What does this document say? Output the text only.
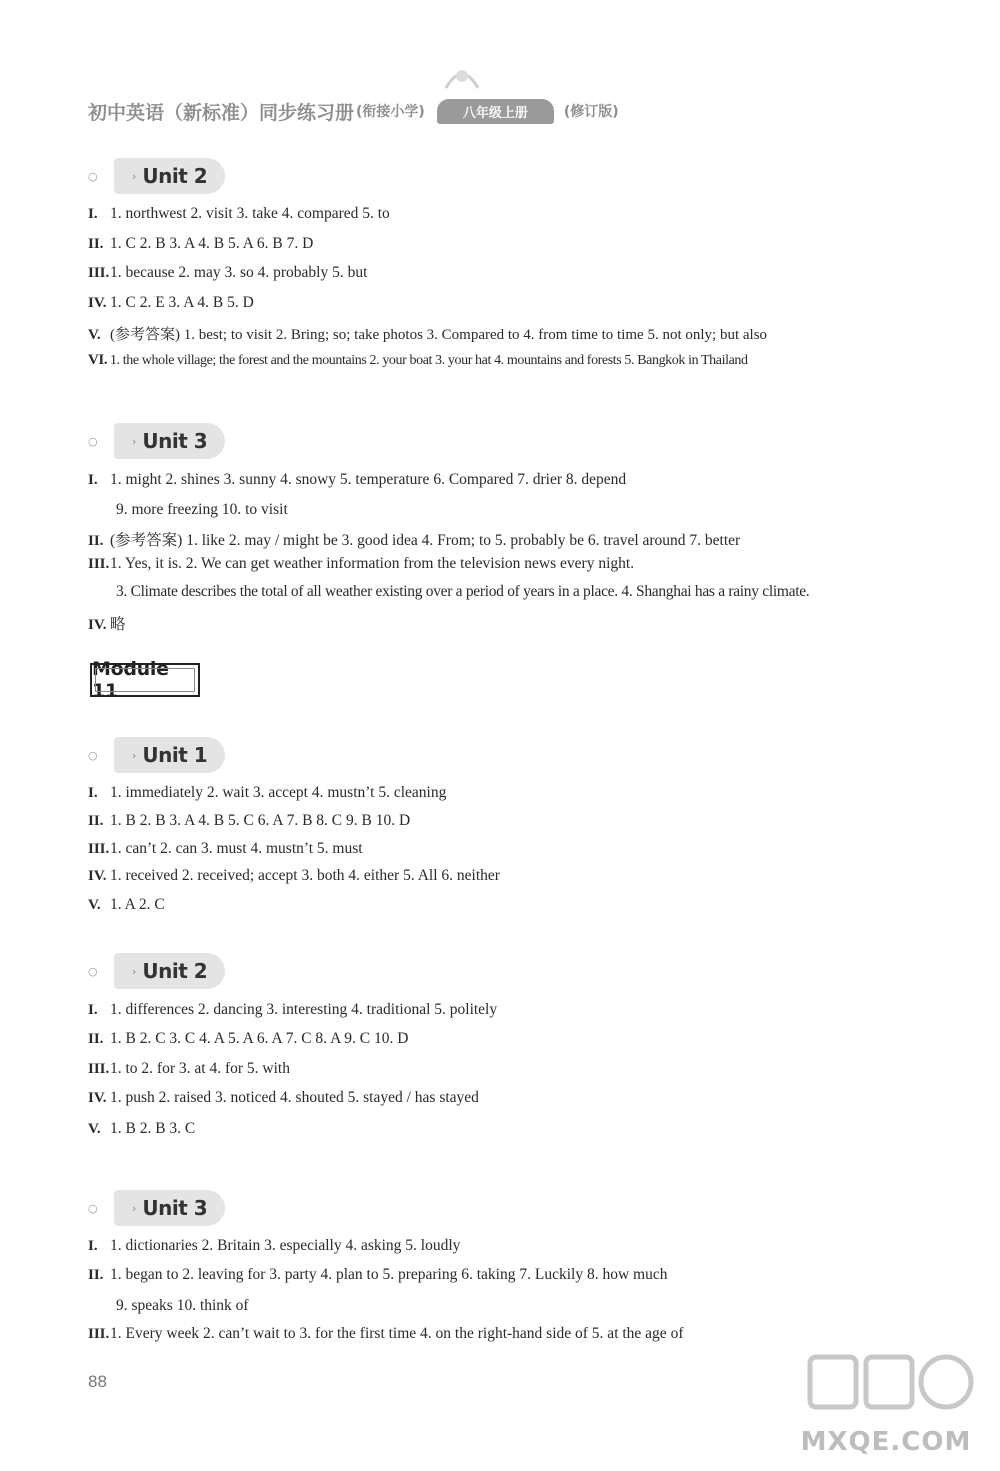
初中英语（新标准）同步练习册 (衔接小学)	八年级上册	(修订版)
○	› Unit 2
I. 1. northwest 2. visit 3. take 4. compared 5. to
II. 1. C 2. B 3. A 4. B 5. A 6. B 7. D
III.1. because 2. may 3. so 4. probably 5. but
IV. 1. C 2. E 3. A 4. B 5. D
V. (参考答案) 1. best; to visit 2. Bring; so; take photos 3. Compared to 4. from time to time 5. not only; but also
VI. 1. the whole village; the forest and the mountains 2. your boat 3. your hat 4. mountains and forests 5. Bangkok in Thailand
○	› Unit 3
I. 1. might 2. shines 3. sunny 4. snowy 5. temperature 6. Compared 7. drier 8. depend
9. more freezing 10. to visit
II. (参考答案) 1. like 2. may / might be 3. good idea 4. From; to 5. probably be 6. travel around 7. better
III.1. Yes, it is. 2. We can get weather information from the television news every night.
3. Climate describes the total of all weather existing over a period of years in a place. 4. Shanghai has a rainy climate.
IV. 略
Module 11
○	› Unit 1
I. 1. immediately 2. wait 3. accept 4. mustn’t 5. cleaning
II. 1. B 2. B 3. A 4. B 5. C 6. A 7. B 8. C 9. B 10. D
III.1. can’t 2. can 3. must 4. mustn’t 5. must
IV. 1. received 2. received; accept 3. both 4. either 5. All 6. neither
V. 1. A 2. C
○	› Unit 2
I. 1. differences 2. dancing 3. interesting 4. traditional 5. politely
II. 1. B 2. C 3. C 4. A 5. A 6. A 7. C 8. A 9. C 10. D
III.1. to 2. for 3. at 4. for 5. with
IV. 1. push 2. raised 3. noticed 4. shouted 5. stayed / has stayed
V. 1. B 2. B 3. C
○	› Unit 3
I. 1. dictionaries 2. Britain 3. especially 4. asking 5. loudly
II. 1. began to 2. leaving for 3. party 4. plan to 5. preparing 6. taking 7. Luckily 8. how much
9. speaks 10. think of
III.1. Every week 2. can’t wait to 3. for the first time 4. on the right-hand side of 5. at the age of
88
MXQE.COM
